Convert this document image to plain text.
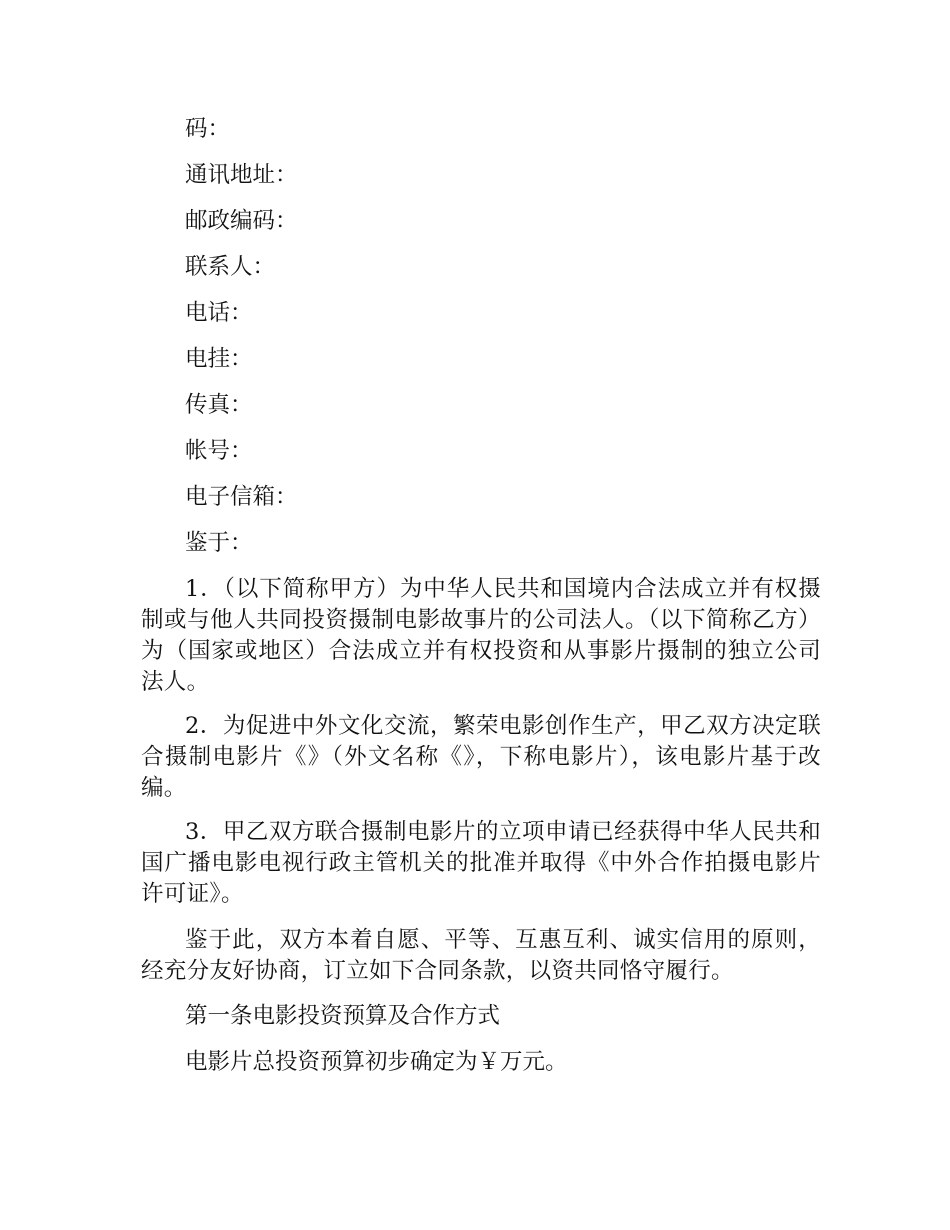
码：
通讯地址：
邮政编码：
联系人：
电话：
电挂：
传真：
帐号：
电子信箱：
鉴于：
1．（以下简称甲方）为中华人民共和国境内合法成立并有权摄制或与他人共同投资摄制电影故事片的公司法人。（以下简称乙方）为（国家或地区）合法成立并有权投资和从事影片摄制的独立公司法人。
2．为促进中外文化交流，繁荣电影创作生产，甲乙双方决定联合摄制电影片《》（外文名称《》，下称电影片），该电影片基于改编。
3．甲乙双方联合摄制电影片的立项申请已经获得中华人民共和国广播电影电视行政主管机关的批准并取得《中外合作拍摄电影片许可证》。
鉴于此，双方本着自愿、平等、互惠互利、诚实信用的原则，经充分友好协商，订立如下合同条款，以资共同恪守履行。
第一条电影投资预算及合作方式
电影片总投资预算初步确定为￥万元。
